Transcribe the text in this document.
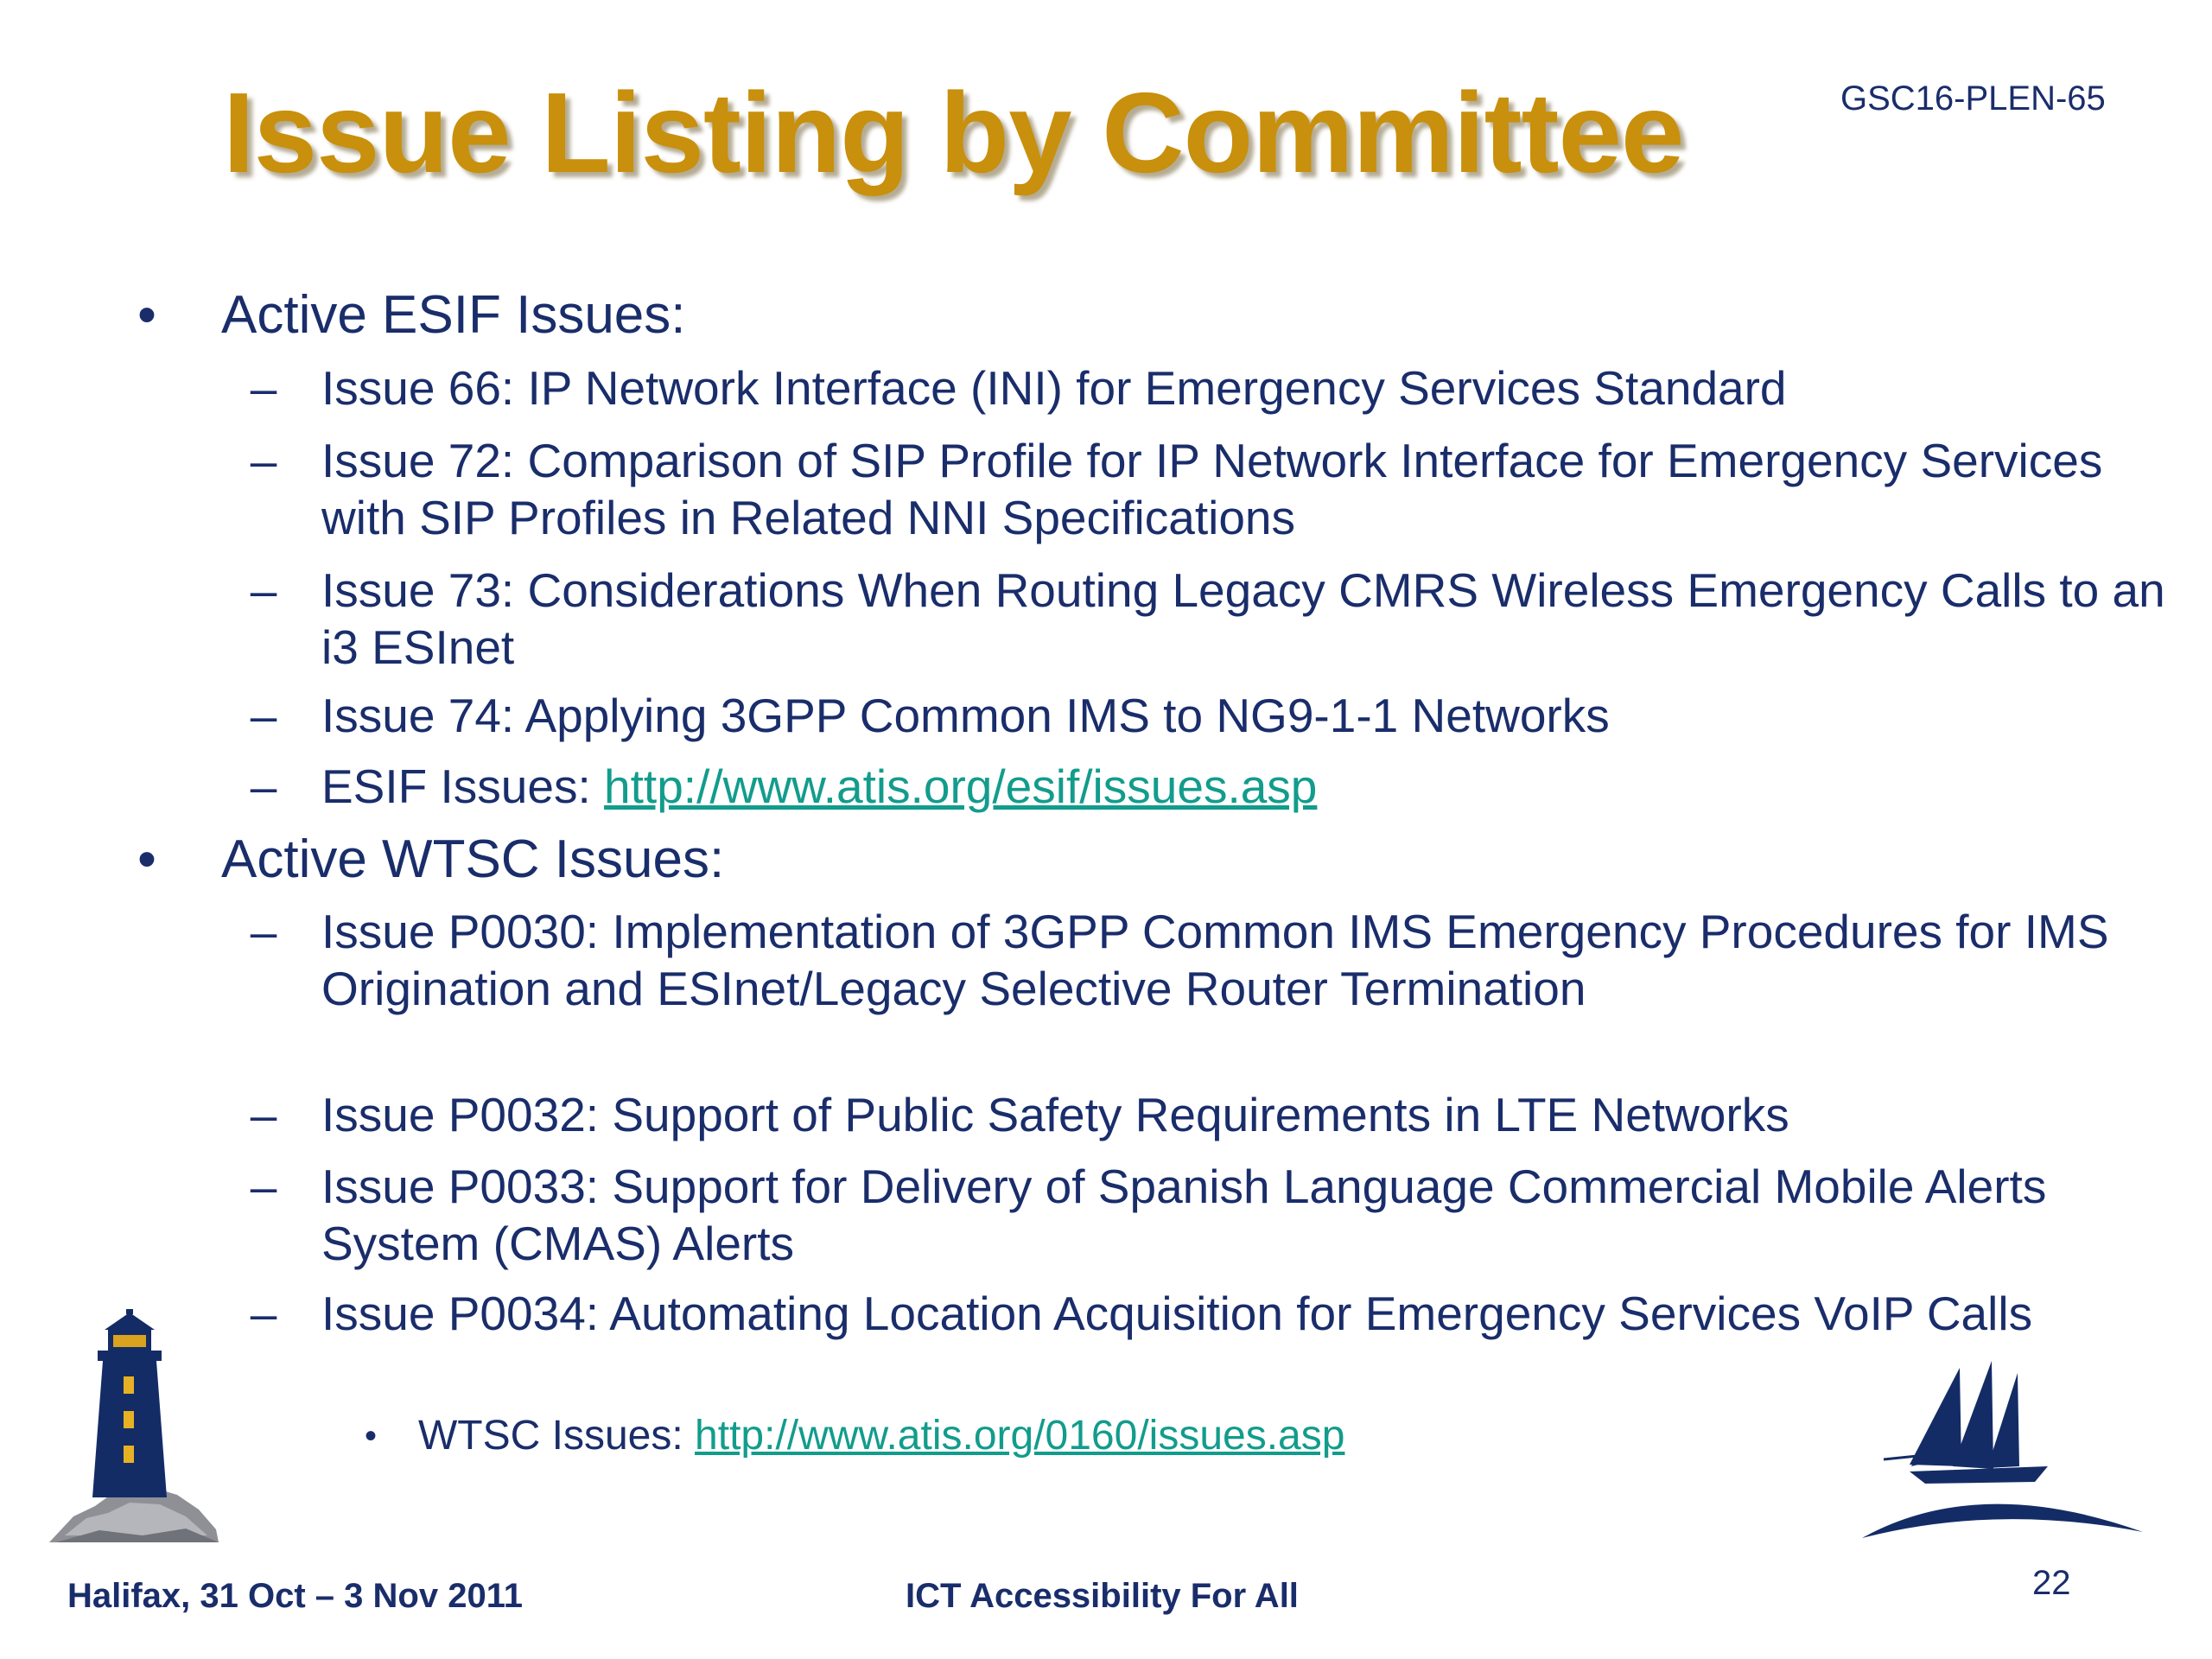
Issue Listing by Committee	GSC16-PLEN-65
• Active ESIF Issues:
– Issue 66: IP Network Interface (INI) for Emergency Services Standard
– Issue 72: Comparison of SIP Profile for IP Network Interface for Emergency Services with SIP Profiles in Related NNI Specifications
– Issue 73: Considerations When Routing Legacy CMRS Wireless Emergency Calls to an i3 ESInet
– Issue 74: Applying 3GPP Common IMS to NG9-1-1 Networks
– ESIF Issues: http://www.atis.org/esif/issues.asp
• Active WTSC Issues:
– Issue P0030: Implementation of 3GPP Common IMS Emergency Procedures for IMS Origination and ESInet/Legacy Selective Router Termination
– Issue P0032: Support of Public Safety Requirements in LTE Networks
– Issue P0033: Support for Delivery of Spanish Language Commercial Mobile Alerts System (CMAS) Alerts
– Issue P0034: Automating Location Acquisition for Emergency Services VoIP Calls
• WTSC Issues: http://www.atis.org/0160/issues.asp
Halifax, 31 Oct – 3 Nov 2011	ICT Accessibility For All	22
